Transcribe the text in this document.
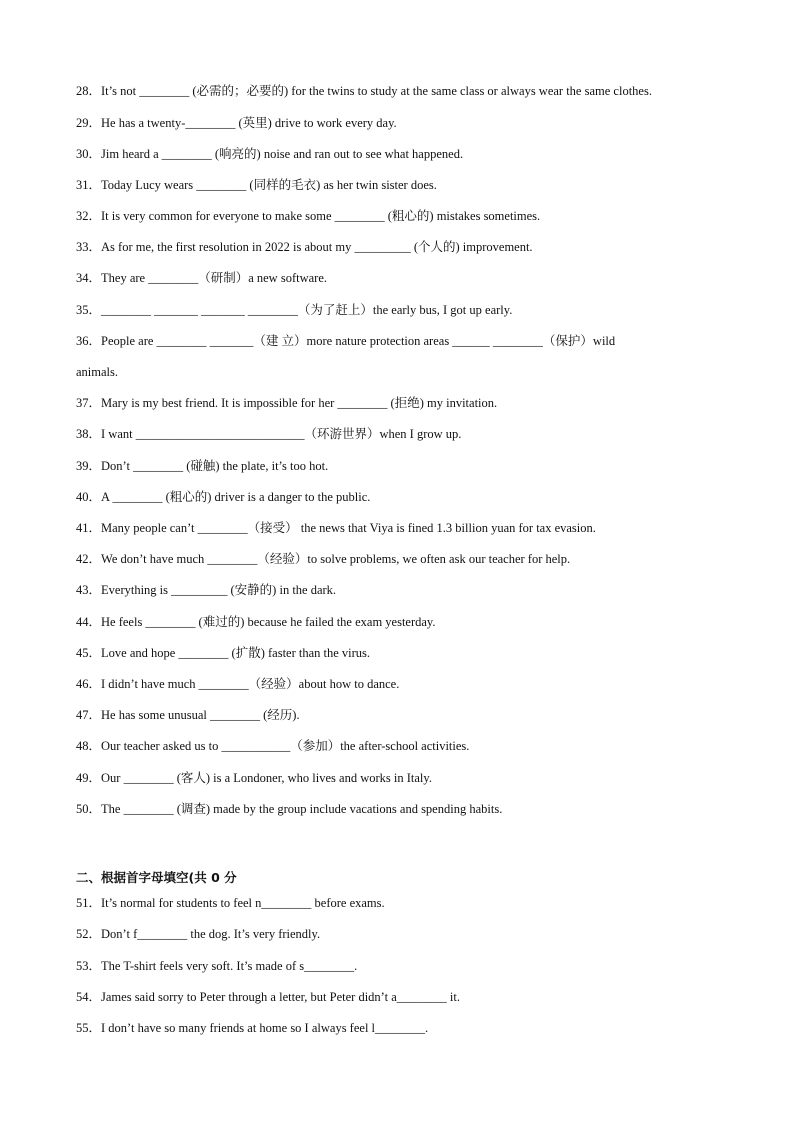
28．It’s not ________ (必需的；必要的) for the twins to study at the same class or always wear the same clothes.
29．He has a twenty-________ (英里) drive to work every day.
30．Jim heard a ________ (响亮的) noise and ran out to see what happened.
31．Today Lucy wears ________ (同样的毛衣) as her twin sister does.
32．It is very common for everyone to make some ________ (粗心的) mistakes sometimes.
33．As for me, the first resolution in 2022 is about my _________ (个人的) improvement.
34．They are ________（研制）a new software.
35．________ _______ _______ ________（为了赶上）the early bus, I got up early.
36．People are ________ _______（建 立）more nature protection areas ______ ________（保护）wild
animals.
37．Mary is my best friend. It is impossible for her ________ (拒绝) my invitation.
38．I want ___________________________（环游世界）when I grow up.
39．Don’t ________ (碰触) the plate, it’s too hot.
40．A ________ (粗心的) driver is a danger to the public.
41．Many people can’t ________（接受） the news that Viya is fined 1.3 billion yuan for tax evasion.
42．We don’t have much ________（经验）to solve problems, we often ask our teacher for help.
43．Everything is _________ (安静的) in the dark.
44．He feels ________ (难过的) because he failed the exam yesterday.
45．Love and hope ________ (扩散) faster than the virus.
46．I didn’t have much ________（经验）about how to dance.
47．He has some unusual ________ (经历).
48．Our teacher asked us to ___________（参加）the after-school activities.
49．Our ________ (客人) is a Londoner, who lives and works in Italy.
50．The ________ (调查) made by the group include vacations and spending habits.
二、根据首字母填空(共 0 分
51．It’s normal for students to feel n________ before exams.
52．Don’t f________ the dog. It’s very friendly.
53．The T-shirt feels very soft. It’s made of s________.
54．James said sorry to Peter through a letter, but Peter didn’t a________ it.
55．I don’t have so many friends at home so I always feel l________.
